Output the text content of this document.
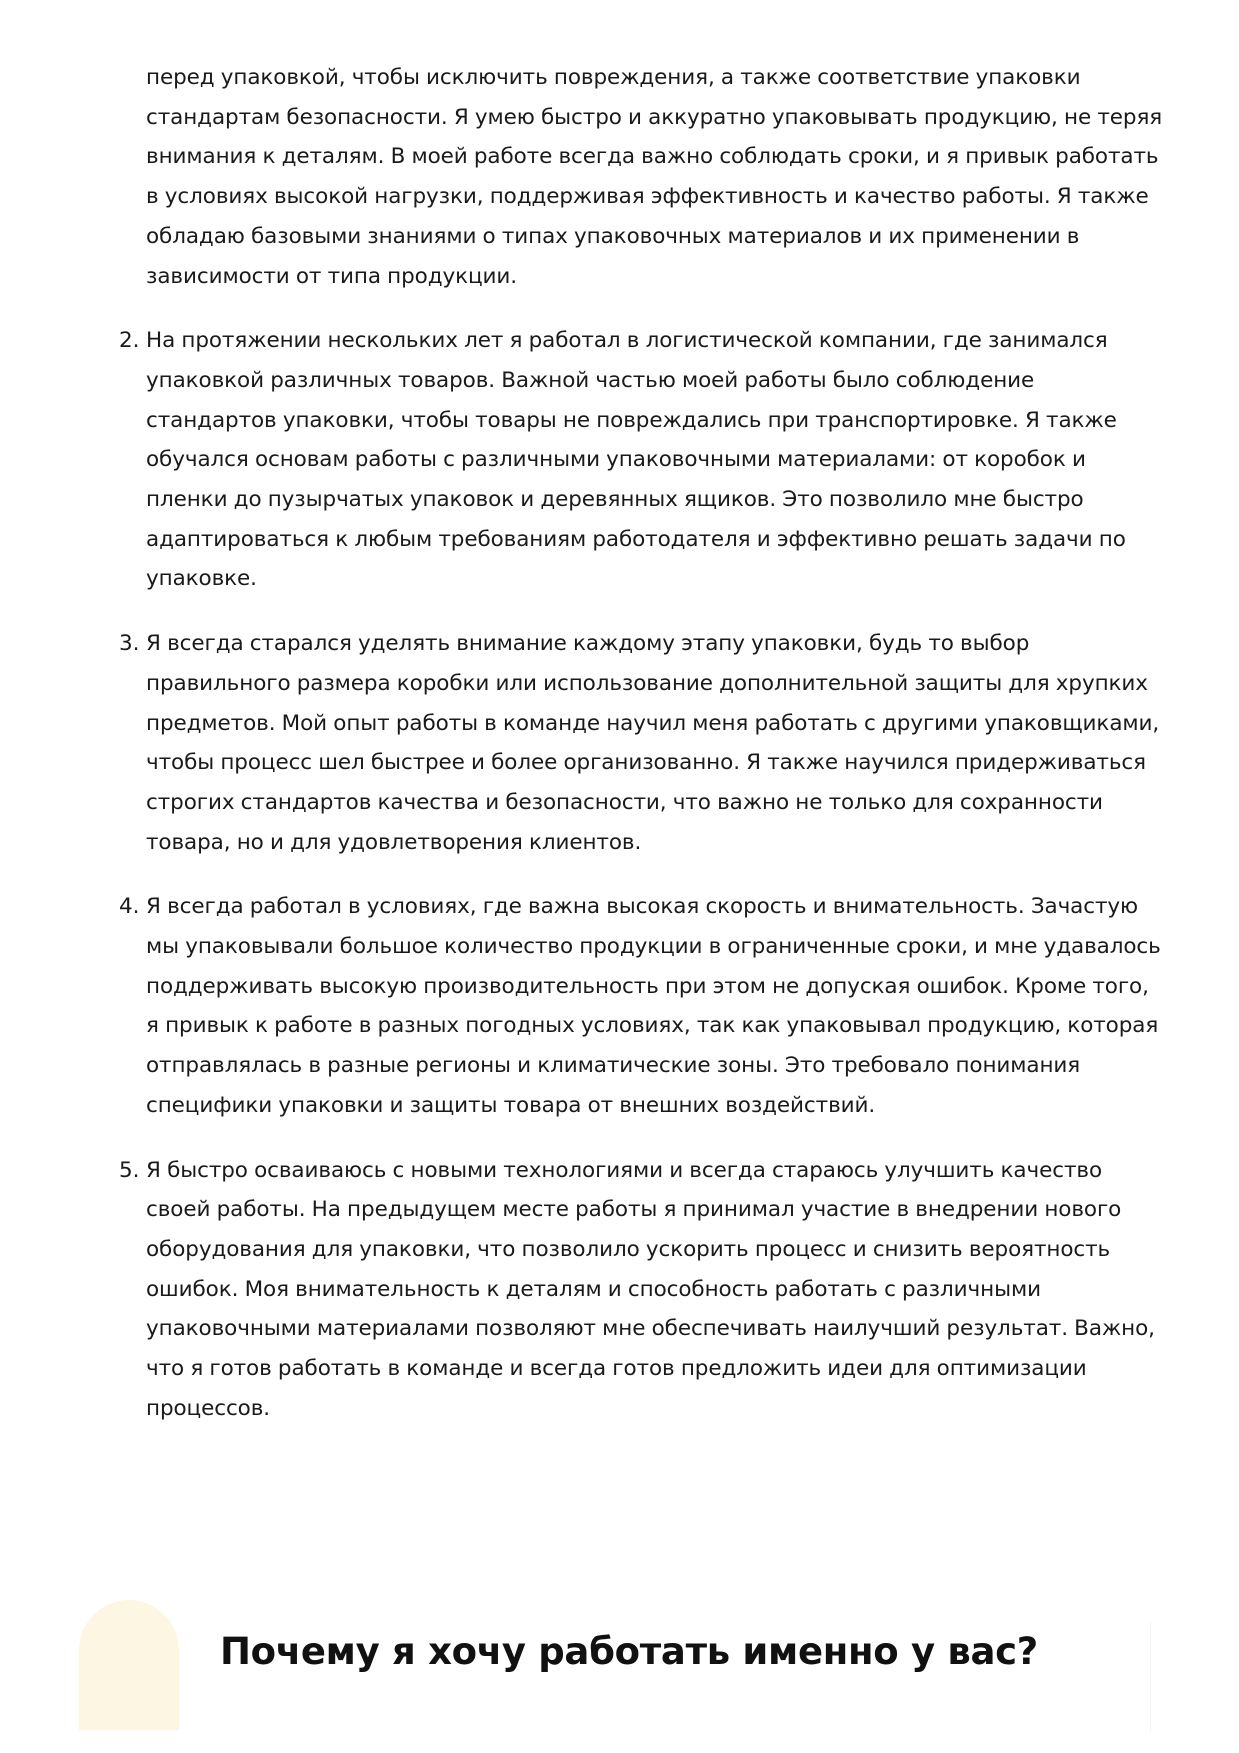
перед упаковкой, чтобы исключить повреждения, а также соответствие упаковки стандартам безопасности. Я умею быстро и аккуратно упаковывать продукцию, не теряя внимания к деталям. В моей работе всегда важно соблюдать сроки, и я привык работать в условиях высокой нагрузки, поддерживая эффективность и качество работы. Я также обладаю базовыми знаниями о типах упаковочных материалов и их применении в зависимости от типа продукции.
2. На протяжении нескольких лет я работал в логистической компании, где занимался упаковкой различных товаров. Важной частью моей работы было соблюдение стандартов упаковки, чтобы товары не повреждались при транспортировке. Я также обучался основам работы с различными упаковочными материалами: от коробок и пленки до пузырчатых упаковок и деревянных ящиков. Это позволило мне быстро адаптироваться к любым требованиям работодателя и эффективно решать задачи по упаковке.
3. Я всегда старался уделять внимание каждому этапу упаковки, будь то выбор правильного размера коробки или использование дополнительной защиты для хрупких предметов. Мой опыт работы в команде научил меня работать с другими упаковщиками, чтобы процесс шел быстрее и более организованно. Я также научился придерживаться строгих стандартов качества и безопасности, что важно не только для сохранности товара, но и для удовлетворения клиентов.
4. Я всегда работал в условиях, где важна высокая скорость и внимательность. Зачастую мы упаковывали большое количество продукции в ограниченные сроки, и мне удавалось поддерживать высокую производительность при этом не допуская ошибок. Кроме того, я привык к работе в разных погодных условиях, так как упаковывал продукцию, которая отправлялась в разные регионы и климатические зоны. Это требовало понимания специфики упаковки и защиты товара от внешних воздействий.
5. Я быстро осваиваюсь с новыми технологиями и всегда стараюсь улучшить качество своей работы. На предыдущем месте работы я принимал участие в внедрении нового оборудования для упаковки, что позволило ускорить процесс и снизить вероятность ошибок. Моя внимательность к деталям и способность работать с различными упаковочными материалами позволяют мне обеспечивать наилучший результат. Важно, что я готов работать в команде и всегда готов предложить идеи для оптимизации процессов.
Почему я хочу работать именно у вас?
